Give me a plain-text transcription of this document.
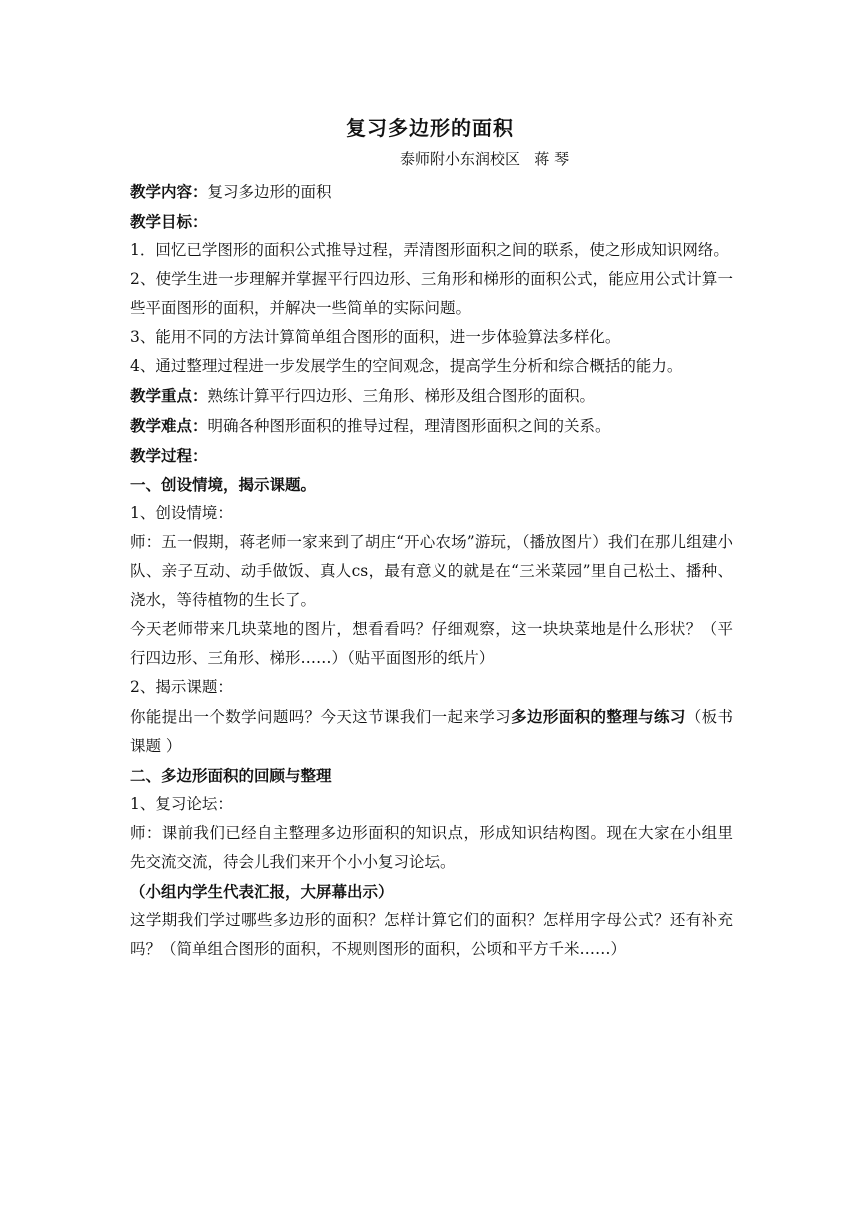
复习多边形的面积
泰师附小东润校区   蒋 琴

教学内容：复习多边形的面积

教学目标：

1．回忆已学图形的面积公式推导过程，弄清图形面积之间的联系，使之形成知识网络。

2、使学生进一步理解并掌握平行四边形、三角形和梯形的面积公式，能应用公式计算一些平面图形的面积，并解决一些简单的实际问题。

3、能用不同的方法计算简单组合图形的面积，进一步体验算法多样化。

4、通过整理过程进一步发展学生的空间观念，提高学生分析和综合概括的能力。

教学重点：熟练计算平行四边形、三角形、梯形及组合图形的面积。

教学难点：明确各种图形面积的推导过程，理清图形面积之间的关系。

教学过程：

一、创设情境，揭示课题。

1、创设情境：

师：五一假期，蒋老师一家来到了胡庄“开心农场”游玩，（播放图片）我们在那儿组建小队、亲子互动、动手做饭、真人cs，最有意义的就是在“三米菜园”里自己松土、播种、浇水，等待植物的生长了。

今天老师带来几块菜地的图片，想看看吗？仔细观察，这一块块菜地是什么形状？（平行四边形、三角形、梯形……）（贴平面图形的纸片）

2、揭示课题：

你能提出一个数学问题吗？今天这节课我们一起来学习多边形面积的整理与练习（板书课题 ）

二、多边形面积的回顾与整理

1、复习论坛：

师：课前我们已经自主整理多边形面积的知识点，形成知识结构图。现在大家在小组里先交流交流，待会儿我们来开个小小复习论坛。

（小组内学生代表汇报，大屏幕出示）

这学期我们学过哪些多边形的面积？怎样计算它们的面积？怎样用字母公式？还有补充吗？（简单组合图形的面积，不规则图形的面积，公顷和平方千米……）
